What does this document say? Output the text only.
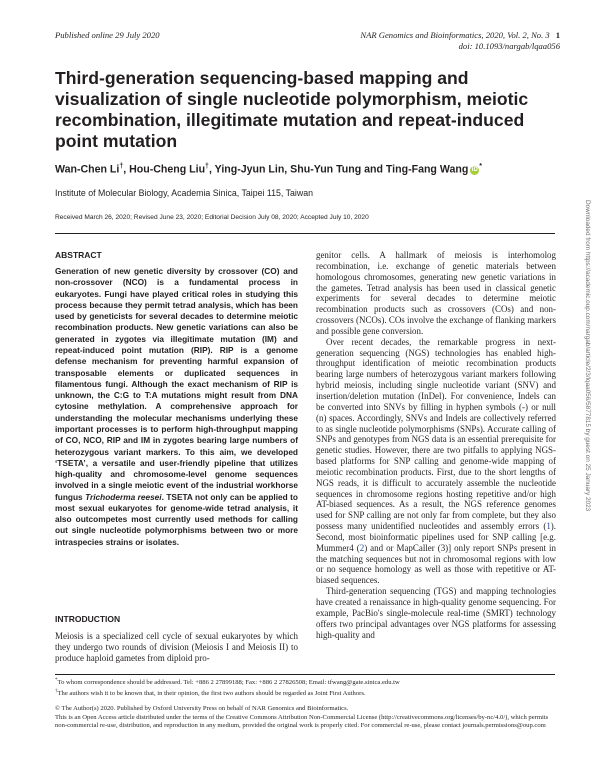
Published online 29 July 2020	NAR Genomics and Bioinformatics, 2020, Vol. 2, No. 3 1
doi: 10.1093/nargab/lqaa056
Third-generation sequencing-based mapping and visualization of single nucleotide polymorphism, meiotic recombination, illegitimate mutation and repeat-induced point mutation
Wan-Chen Li†, Hou-Cheng Liu†, Ying-Jyun Lin, Shu-Yun Tung and Ting-Fang Wang iD *
Institute of Molecular Biology, Academia Sinica, Taipei 115, Taiwan
Received March 26, 2020; Revised June 23, 2020; Editorial Decision July 08, 2020; Accepted July 10, 2020
ABSTRACT
Generation of new genetic diversity by crossover (CO) and non-crossover (NCO) is a fundamental process in eukaryotes. Fungi have played critical roles in studying this process because they permit tetrad analysis, which has been used by geneticists for several decades to determine meiotic recombination products. New genetic variations can also be generated in zygotes via illegitimate mutation (IM) and repeat-induced point mutation (RIP). RIP is a genome defense mechanism for preventing harmful expansion of transposable elements or duplicated sequences in filamentous fungi. Although the exact mechanism of RIP is unknown, the C:G to T:A mutations might result from DNA cytosine methylation. A comprehensive approach for understanding the molecular mechanisms underlying these important processes is to perform high-throughput mapping of CO, NCO, RIP and IM in zygotes bearing large numbers of heterozygous variant markers. To this aim, we developed ‘TSETA’, a versatile and user-friendly pipeline that utilizes high-quality and chromosome-level genome sequences involved in a single meiotic event of the industrial workhorse fungus Trichoderma reesei. TSETA not only can be applied to most sexual eukaryotes for genome-wide tetrad analysis, it also outcompetes most currently used methods for calling out single nucleotide polymorphisms between two or more intraspecies strains or isolates.
INTRODUCTION
Meiosis is a specialized cell cycle of sexual eukaryotes by which they undergo two rounds of division (Meiosis I and Meiosis II) to produce haploid gametes from diploid pro-

genitor cells. A hallmark of meiosis is interhomolog recombination, i.e. exchange of genetic materials between homologous chromosomes, generating new genetic variations in the gametes. Tetrad analysis has been used in classical genetic experiments for several decades to determine meiotic recombination products such as crossovers (COs) and non-crossovers (NCOs). COs involve the exchange of flanking markers and possible gene conversion.

Over recent decades, the remarkable progress in next-generation sequencing (NGS) technologies has enabled high-throughput identification of meiotic recombination products bearing large numbers of heterozygous variant markers following hybrid meiosis, including single nucleotide variant (SNV) and insertion/deletion mutation (InDel). For convenience, Indels can be converted into SNVs by filling in hyphen symbols (-) or null (n) spaces. Accordingly, SNVs and Indels are collectively referred to as single nucleotide polymorphisms (SNPs). Accurate calling of SNPs and genotypes from NGS data is an essential prerequisite for genetic studies. However, there are two pitfalls to applying NGS-based platforms for SNP calling and genome-wide mapping of meiotic recombination products. First, due to the short lengths of NGS reads, it is difficult to accurately assemble the nucleotide sequences in chromosome regions hosting repetitive and/or high AT-biased sequences. As a result, the NGS reference genomes used for SNP calling are not only far from complete, but they also possess many unidentified nucleotides and assembly errors (1). Second, most bioinformatic pipelines used for SNP calling [e.g. Mummer4 (2) and or MapCaller (3)] only report SNPs present in the matching sequences but not in chromosomal regions with low or no sequence homology as well as those with repetitive or AT-biased sequences.

Third-generation sequencing (TGS) and mapping technologies have created a renaissance in high-quality genome sequencing. For example, PacBio's single-molecule real-time (SMRT) technology offers two principal advantages over NGS platforms for assessing high-quality and

*To whom correspondence should be addressed. Tel: +886 2 27899188; Fax: +886 2 27826508; Email: tfwang@gate.sinica.edu.tw
†The authors wish it to be known that, in their opinion, the first two authors should be regarded as Joint First Authors.
© The Author(s) 2020. Published by Oxford University Press on behalf of NAR Genomics and Bioinformatics.
This is an Open Access article distributed under the terms of the Creative Commons Attribution Non-Commercial License (http://creativecommons.org/licenses/by-nc/4.0/), which permits non-commercial re-use, distribution, and reproduction in any medium, provided the original work is properly cited. For commercial re-use, please contact journals.permissions@oup.com
Downloaded from https://academic.oup.com/nargab/article/2/3/lqaa056/5877815 by guest on 25 January 2023
